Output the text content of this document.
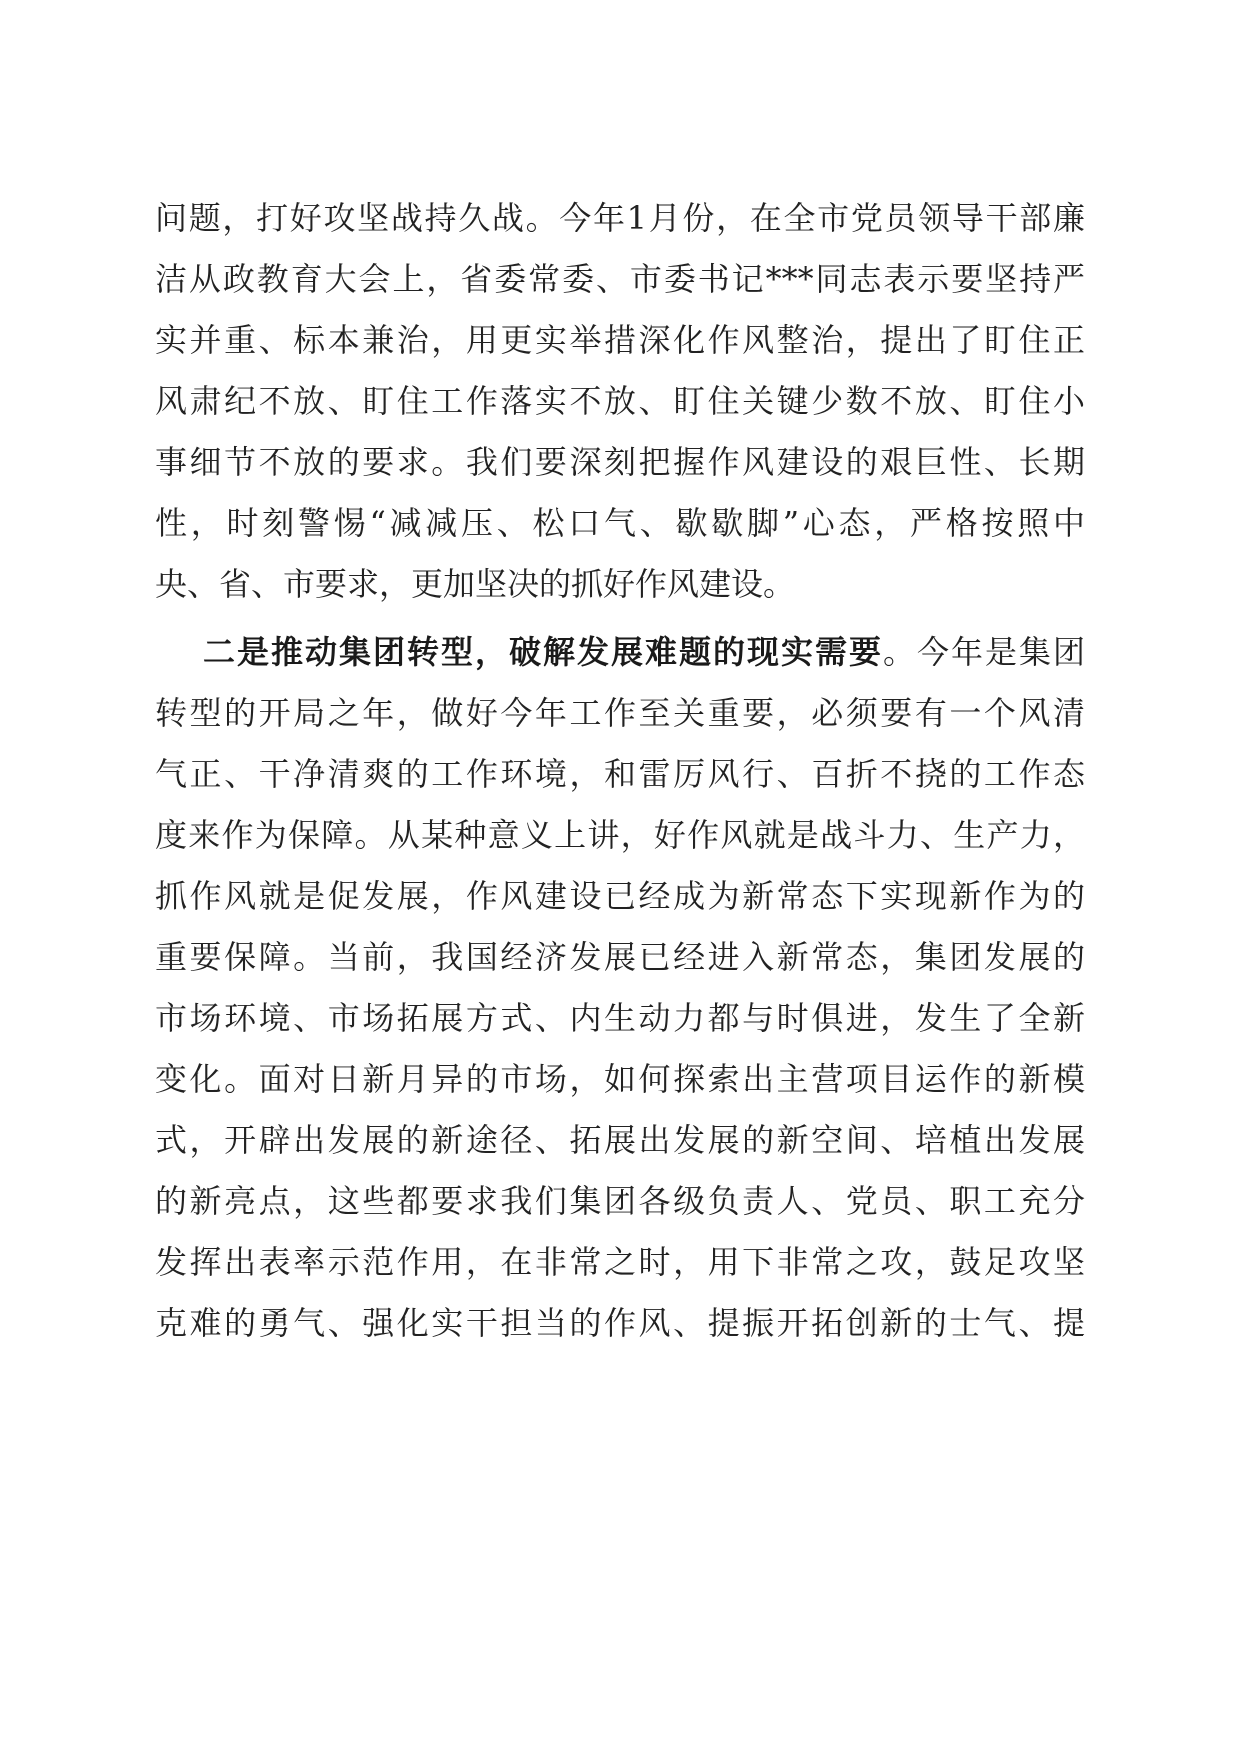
问题，打好攻坚战持久战。今年1月份，在全市党员领导干部廉
洁从政教育大会上，省委常委、市委书记***同志表示要坚持严
实并重、标本兼治，用更实举措深化作风整治，提出了盯住正
风肃纪不放、盯住工作落实不放、盯住关键少数不放、盯住小
事细节不放的要求。我们要深刻把握作风建设的艰巨性、长期
性，时刻警惕“减减压、松口气、歇歇脚”心态，严格按照中
央、省、市要求，更加坚决的抓好作风建设。
二是推动集团转型，破解发展难题的现实需要。今年是集团
转型的开局之年，做好今年工作至关重要，必须要有一个风清
气正、干净清爽的工作环境，和雷厉风行、百折不挠的工作态
度来作为保障。从某种意义上讲，好作风就是战斗力、生产力，
抓作风就是促发展，作风建设已经成为新常态下实现新作为的
重要保障。当前，我国经济发展已经进入新常态，集团发展的
市场环境、市场拓展方式、内生动力都与时俱进，发生了全新
变化。面对日新月异的市场，如何探索出主营项目运作的新模
式，开辟出发展的新途径、拓展出发展的新空间、培植出发展
的新亮点，这些都要求我们集团各级负责人、党员、职工充分
发挥出表率示范作用，在非常之时，用下非常之攻，鼓足攻坚
克难的勇气、强化实干担当的作风、提振开拓创新的士气、提
